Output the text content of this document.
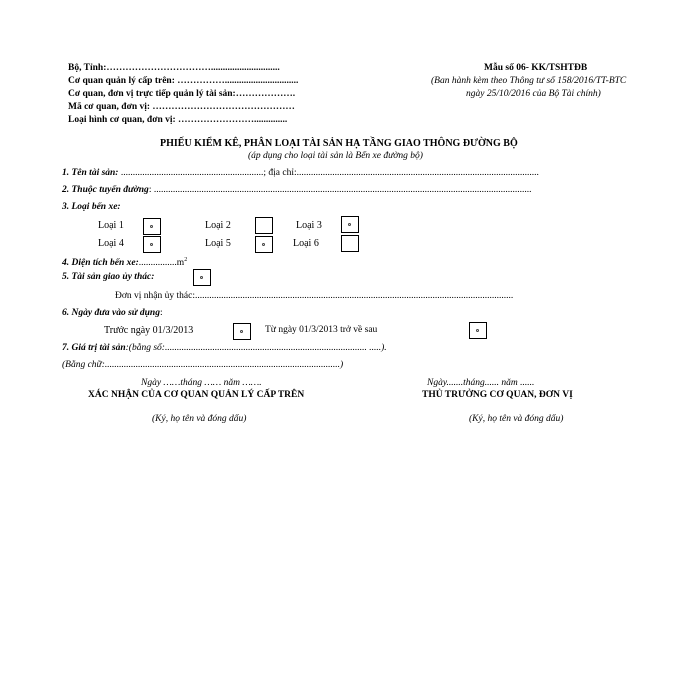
Bộ, Tỉnh:…………………………….............................
Cơ quan quản lý cấp trên: ……………...............................
Cơ quan, đơn vị trực tiếp quản lý tài sản:……………….
Mã cơ quan, đơn vị: ………………………………………
Loại hình cơ quan, đơn vị: ……………………..............
Mẫu số 06- KK/TSHTĐB
(Ban hành kèm theo Thông tư số 158/2016/TT-BTC
ngày 25/10/2016 của Bộ Tài chính)
PHIẾU KIỂM KÊ, PHÂN LOẠI TÀI SẢN HẠ TẦNG GIAO THÔNG ĐƯỜNG BỘ
(áp dụng cho loại tài sản là Bến xe đường bộ)
1. Tên tài sản: ............................................................; địa chỉ:......................................................................................................
2. Thuộc tuyến đường: ...............................................................................................................................................................
3. Loại bến xe:
Loại 1	Loại 2	Loại 3
Loại 4	Loại 5	Loại 6
4. Diện tích bến $xe:................m^2$
5. Tài sản giao ủy thác:
Đơn vị nhận ủy thác:......................................................................................................................................
6. Ngày đưa vào sử dụng:
Trước ngày 01/3/2013	Từ ngày 01/3/2013 trở về sau
7. Giá trị tài sản:(bằng số:..................................................................................... .....).
(Bằng chữ:...................................................................................................)
Ngày ……tháng …… năm …….
XÁC NHẬN CỦA CƠ QUAN QUẢN LÝ CẤP TRÊN
(Ký, họ tên và đóng dấu)
Ngày.......tháng...... năm ......
THỦ TRƯỞNG CƠ QUAN, ĐƠN VỊ
(Ký, họ tên và đóng dấu)
